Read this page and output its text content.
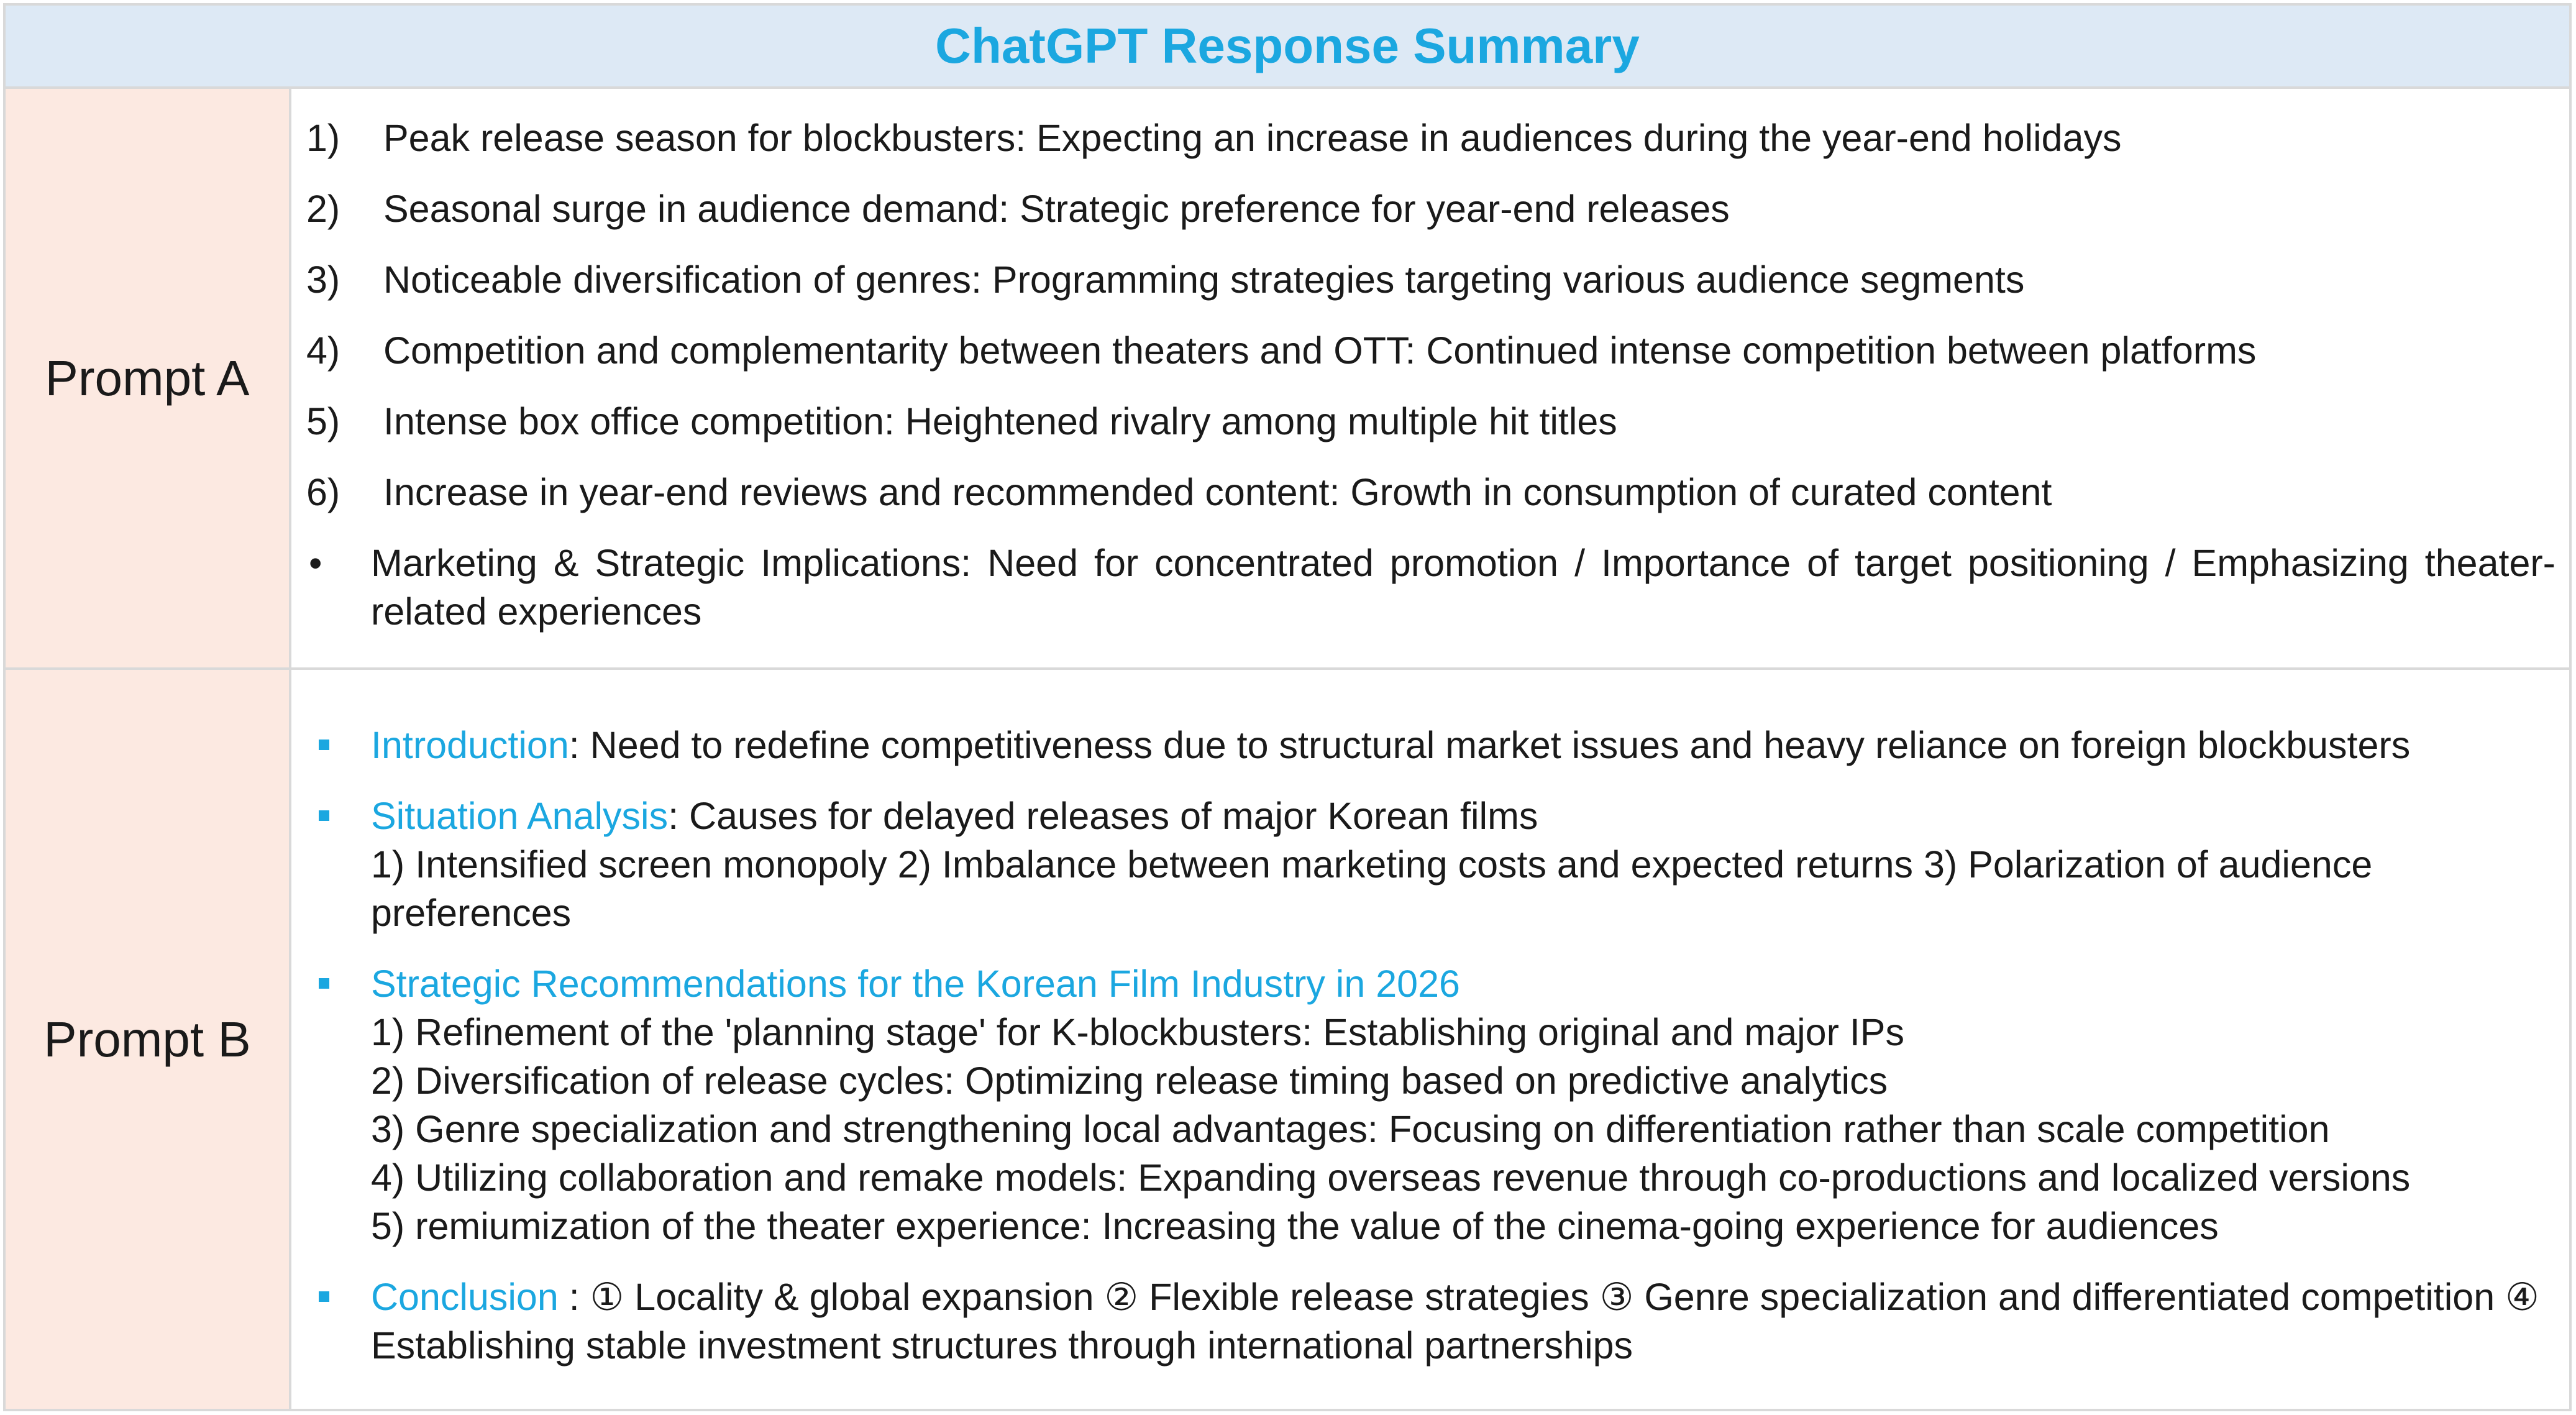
ChatGPT Response Summary
Prompt A
1)	Peak release season for blockbusters: Expecting an increase in audiences during the year-end holidays
2)	Seasonal surge in audience demand: Strategic preference for year-end releases
3)	Noticeable diversification of genres: Programming strategies targeting various audience segments
4)	Competition and complementarity between theaters and OTT: Continued intense competition between platforms
5)	Intense box office competition: Heightened rivalry among multiple hit titles
6)	Increase in year-end reviews and recommended content: Growth in consumption of curated content
•	Marketing & Strategic Implications: Need for concentrated promotion / Importance of target positioning / Emphasizing theater-related experiences
Prompt B
Introduction: Need to redefine competitiveness due to structural market issues and heavy reliance on foreign blockbusters
Situation Analysis: Causes for delayed releases of major Korean films
1) Intensified screen monopoly 2) Imbalance between marketing costs and expected returns 3) Polarization of audience preferences
Strategic Recommendations for the Korean Film Industry in 2026
1) Refinement of the 'planning stage' for K-blockbusters: Establishing original and major IPs
2) Diversification of release cycles: Optimizing release timing based on predictive analytics
3) Genre specialization and strengthening local advantages: Focusing on differentiation rather than scale competition
4) Utilizing collaboration and remake models: Expanding overseas revenue through co-productions and localized versions
5) remiumization of the theater experience: Increasing the value of the cinema-going experience for audiences
Conclusion : ① Locality & global expansion ② Flexible release strategies ③ Genre specialization and differentiated competition ④ Establishing stable investment structures through international partnerships
